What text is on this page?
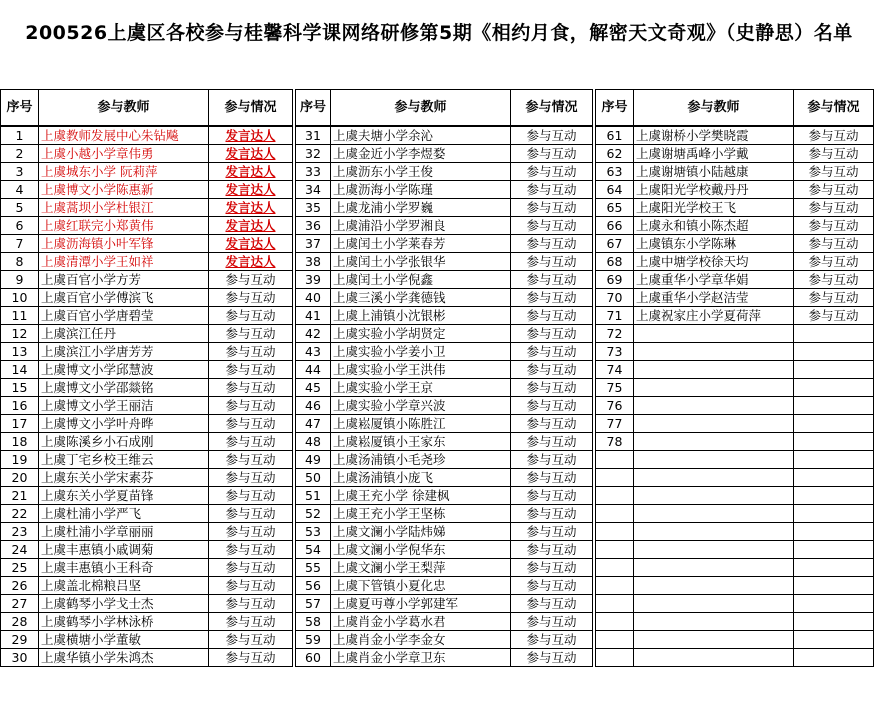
200526上虞区各校参与桂馨科学课网络研修第5期《相约月食，解密天文奇观》（史静思）名单
序号	参与教师	参与情况
1	上虞教师发展中心朱钻飚	发言达人
2	上虞小越小学章伟勇	发言达人
3	上虞城东小学 阮莉萍	发言达人
4	上虞博文小学陈惠新	发言达人
5	上虞蒿坝小学杜银江	发言达人
6	上虞红联完小郑黄伟	发言达人
7	上虞沥海镇小叶军锋	发言达人
8	上虞清潭小学王如祥	发言达人
9	上虞百官小学方芳	参与互动
10	上虞百官小学傅滨飞	参与互动
11	上虞百官小学唐碧莹	参与互动
12	上虞滨江任丹	参与互动
13	上虞滨江小学唐芳芳	参与互动
14	上虞博文小学邱慧波	参与互动
15	上虞博文小学邵燚铭	参与互动
16	上虞博文小学王丽洁	参与互动
17	上虞博文小学叶舟晔	参与互动
18	上虞陈溪乡小石成刚	参与互动
19	上虞丁宅乡校王维云	参与互动
20	上虞东关小学宋素芬	参与互动
21	上虞东关小学夏苗锋	参与互动
22	上虞杜浦小学严飞	参与互动
23	上虞杜浦小学章丽丽	参与互动
24	上虞丰惠镇小戚调菊	参与互动
25	上虞丰惠镇小王科奇	参与互动
26	上虞盖北棉粮吕坚	参与互动
27	上虞鹤琴小学戈士杰	参与互动
28	上虞鹤琴小学林泳桥	参与互动
29	上虞横塘小学董敏	参与互动
30	上虞华镇小学朱鸿杰	参与互动
序号	参与教师	参与情况
31	上虞夫塘小学余沁	参与互动
32	上虞金近小学李煜婺	参与互动
33	上虞沥东小学王俊	参与互动
34	上虞沥海小学陈瑾	参与互动
35	上虞龙浦小学罗巍	参与互动
36	上虞浦沿小学罗湘良	参与互动
37	上虞闰土小学莱春芳	参与互动
38	上虞闰土小学张银华	参与互动
39	上虞闰土小学倪鑫	参与互动
40	上虞三溪小学龚德钱	参与互动
41	上虞上浦镇小沈银彬	参与互动
42	上虞实验小学胡贤定	参与互动
43	上虞实验小学姜小卫	参与互动
44	上虞实验小学王洪伟	参与互动
45	上虞实验小学王京	参与互动
46	上虞实验小学章兴波	参与互动
47	上虞崧厦镇小陈胜江	参与互动
48	上虞崧厦镇小王家东	参与互动
49	上虞汤浦镇小毛尧珍	参与互动
50	上虞汤浦镇小庞飞	参与互动
51	上虞王充小学 徐建枫	参与互动
52	上虞王充小学王坚栋	参与互动
53	上虞文澜小学陆炜娣	参与互动
54	上虞文澜小学倪华东	参与互动
55	上虞文澜小学王梨萍	参与互动
56	上虞下管镇小夏化忠	参与互动
57	上虞夏丏尊小学郭建军	参与互动
58	上虞肖金小学葛水君	参与互动
59	上虞肖金小学李金女	参与互动
60	上虞肖金小学章卫东	参与互动
序号	参与教师	参与情况
61	上虞谢桥小学樊晓霞	参与互动
62	上虞谢塘禹峰小学戴	参与互动
63	上虞谢塘镇小陆越康	参与互动
64	上虞阳光学校戴丹丹	参与互动
65	上虞阳光学校王飞	参与互动
66	上虞永和镇小陈杰超	参与互动
67	上虞镇东小学陈琳	参与互动
68	上虞中塘学校徐天均	参与互动
69	上虞重华小学章华娟	参与互动
70	上虞重华小学赵洁莹	参与互动
71	上虞祝家庄小学夏荷萍	参与互动
72		
73		
74		
75		
76		
77		
78		
